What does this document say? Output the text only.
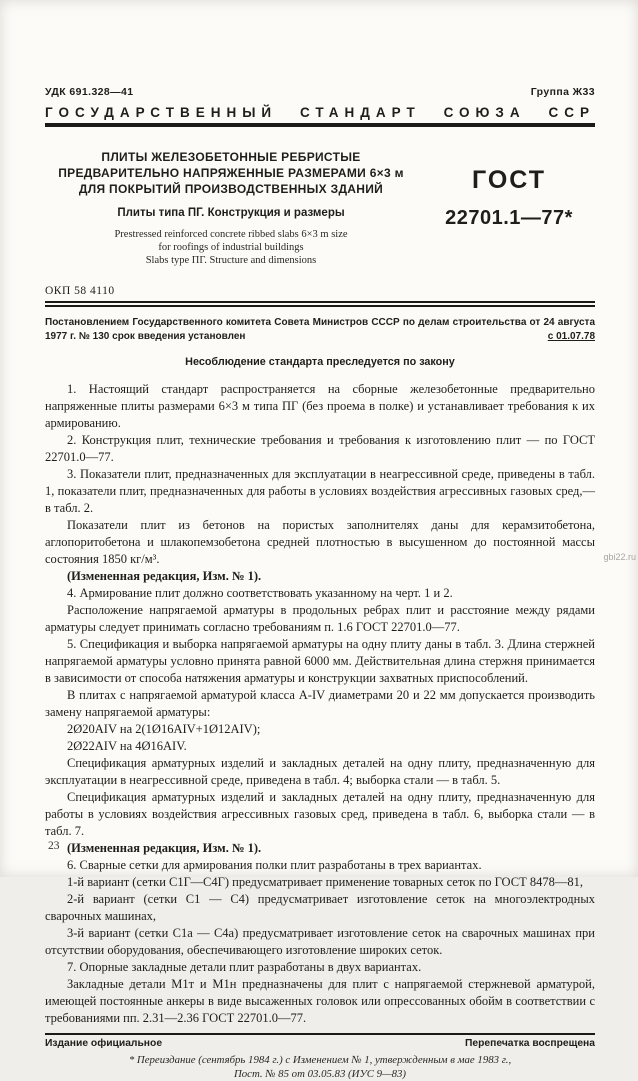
УДК 691.328—41	Группа Ж33
ГОСУДАРСТВЕННЫЙ СТАНДАРТ СОЮЗА ССР
ПЛИТЫ ЖЕЛЕЗОБЕТОННЫЕ РЕБРИСТЫЕ
ПРЕДВАРИТЕЛЬНО НАПРЯЖЕННЫЕ РАЗМЕРАМИ 6×3 м
ДЛЯ ПОКРЫТИЙ ПРОИЗВОДСТВЕННЫХ ЗДАНИЙ
Плиты типа ПГ. Конструкция и размеры
Prestressed reinforced concrete ribbed slabs 6×3 m size
for roofings of industrial buildings
Slabs type ПГ. Structure and dimensions
ГОСТ
22701.1—77*
ОКП 58 4110
Постановлением Государственного комитета Совета Министров СССР по делам строительства от 24 августа 1977 г. № 130 срок введения установлен	с 01.07.78
Несоблюдение стандарта преследуется по закону

1. Настоящий стандарт распространяется на сборные железобетонные предварительно напряженные плиты размерами 6×3 м типа ПГ (без проема в полке) и устанавливает требования к их армированию.

2. Конструкция плит, технические требования и требования к изготовлению плит — по ГОСТ 22701.0—77.

3. Показатели плит, предназначенных для эксплуатации в неагрессивной среде, приведены в табл. 1, показатели плит, предназначенных для работы в условиях воздействия агрессивных газовых сред,— в табл. 2.

Показатели плит из бетонов на пористых заполнителях даны для керамзитобетона, аглопоритобетона и шлакопемзобетона средней плотностью в высушенном до постоянной массы состояния 1850 кг/м³.

(Измененная редакция, Изм. № 1).

4. Армирование плит должно соответствовать указанному на черт. 1 и 2.

Расположение напрягаемой арматуры в продольных ребрах плит и расстояние между рядами арматуры следует принимать согласно требованиям п. 1.6 ГОСТ 22701.0—77.

5. Спецификация и выборка напрягаемой арматуры на одну плиту даны в табл. 3. Длина стержней напрягаемой арматуры условно принята равной 6000 мм. Действительная длина стержня принимается в зависимости от способа натяжения арматуры и конструкции захватных приспособлений.

В плитах с напрягаемой арматурой класса A-IV диаметрами 20 и 22 мм допускается производить замену напрягаемой арматуры:

2Ø20AIV на 2(1Ø16AIV+1Ø12AIV);

2Ø22AIV на 4Ø16AIV.

Спецификация арматурных изделий и закладных деталей на одну плиту, предназначенную для эксплуатации в неагрессивной среде, приведена в табл. 4; выборка стали — в табл. 5.

Спецификация арматурных изделий и закладных деталей на одну плиту, предназначенную для работы в условиях воздействия агрессивных газовых сред, приведена в табл. 6, выборка стали — в табл. 7.

(Измененная редакция, Изм. № 1).

6. Сварные сетки для армирования полки плит разработаны в трех вариантах.

1-й вариант (сетки С1Г—С4Г) предусматривает применение товарных сеток по ГОСТ 8478—81,

2-й вариант (сетки С1 — С4) предусматривает изготовление сеток на многоэлектродных сварочных машинах,

3-й вариант (сетки С1а — С4а) предусматривает изготовление сеток на сварочных машинах при отсутствии оборудования, обеспечивающего изготовление широких сеток.

7. Опорные закладные детали плит разработаны в двух вариантах.

Закладные детали М1т и М1н предназначены для плит с напрягаемой стержневой арматурой, имеющей постоянные анкеры в виде высаженных головок или опрессованных обойм в соответствии с требованиями пп. 2.31—2.36 ГОСТ 22701.0—77.

Издание официальное	Перепечатка воспрещена
* Переиздание (сентябрь 1984 г.) с Изменением № 1, утвержденным в мае 1983 г.,
Пост. № 85 от 03.05.83 (ИУС 9—83)
23
gbi22.ru
